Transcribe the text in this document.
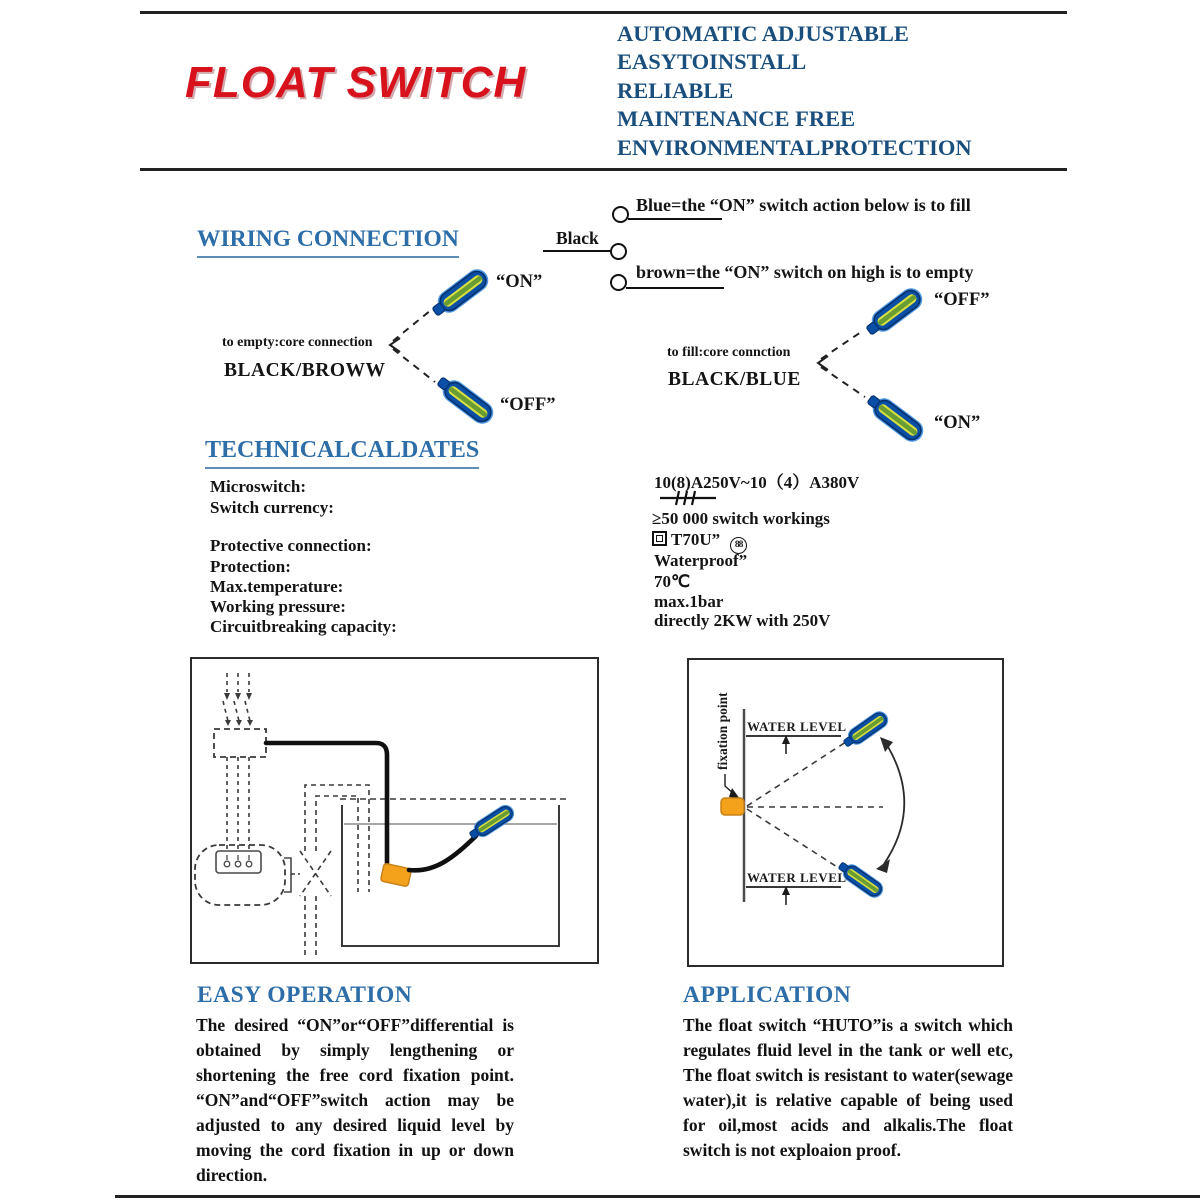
FLOAT SWITCH
AUTOMATIC ADJUSTABLE
EASYTOINSTALL
RELIABLE
MAINTENANCE FREE
ENVIRONMENTALPROTECTION
WIRING CONNECTION	Black
Blue=the “ON” switch action below is to fill
brown=the “ON” switch on high is to empty
“ON”
“OFF”
to empty:core connection
BLACK/BROWW
“OFF”
“ON”
to fill:core connction
BLACK/BLUE
TECHNICALCALDATES
Microswitch:
Switch currency:
Protective connection:
Protection:
Max.temperature:
Working pressure:
Circuitbreaking capacity:
10(8)A250V~10（4）A380V
≥50 000 switch workings
T70U” 88
Waterproof”
70℃
max.1bar
directly 2KW with 250V
fixation point WATER LEVEL
WATER LEVEL
EASY OPERATION
The desired “ON”or“OFF”differential is obtained by simply lengthening or shortening the free cord fixation point. “ON”and“OFF”switch action may be adjusted to any desired liquid level by moving the cord fixation in up or down direction.
APPLICATION
The float switch “HUTO”is a switch which regulates fluid level in the tank or well etc, The float switch is resistant to water(sewage water),it is relative capable of being used for oil,most acids and alkalis.The float switch is not exploaion proof.
